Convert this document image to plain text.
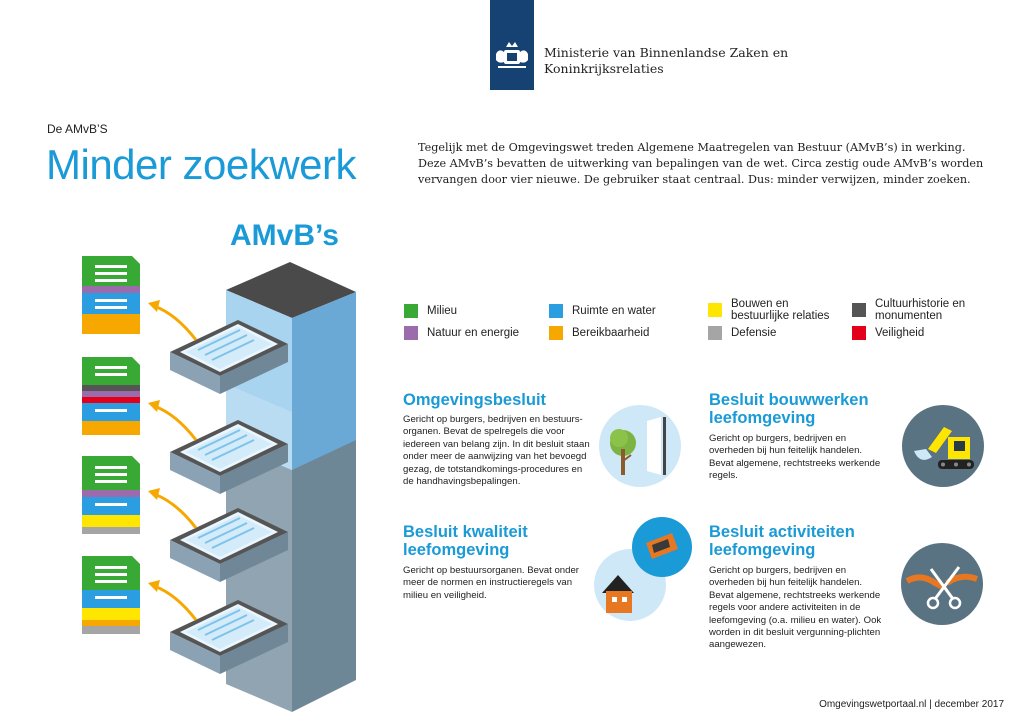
Ministerie van Binnenlandse Zaken en
Koninkrijksrelaties
De AMvB’S
Minder zoekwerk	Tegelijk met de Omgevingswet treden Algemene Maatregelen van Bestuur (AMvB’s) in werking. Deze AMvB’s bevatten de uitwerking van bepalingen van de wet. Circa zestig oude AMvB’s worden vervangen door vier nieuwe. De gebruiker staat centraal. Dus: minder verwijzen, minder zoeken.

AMvB’s
Milieu
Natuur en energie
Ruimte en water
Bereikbaarheid
Bouwen en
bestuurlijke relaties
Defensie
Cultuurhistorie en
monumenten
Veiligheid
Omgevingsbesluit
Gericht op burgers, bedrijven en bestuurs-organen. Bevat de spelregels die voor iedereen van belang zijn. In dit besluit staan onder meer de aanwijzing van het bevoegd gezag, de totstandkomings-procedures en de handhavingsbepalingen.
Besluit bouwwerken
leefomgeving
Gericht op burgers, bedrijven en overheden bij hun feitelijk handelen. Bevat algemene, rechtstreeks werkende regels.
Besluit kwaliteit
leefomgeving
Gericht op bestuursorganen. Bevat onder meer de normen en instructieregels van milieu en veiligheid.
Besluit activiteiten
leefomgeving
Gericht op burgers, bedrijven en overheden bij hun feitelijk handelen. Bevat algemene, rechtstreeks werkende regels voor andere activiteiten in de leefomgeving (o.a. milieu en water). Ook worden in dit besluit vergunning-plichten aangewezen.
Omgevingswetportaal.nl | december 2017
